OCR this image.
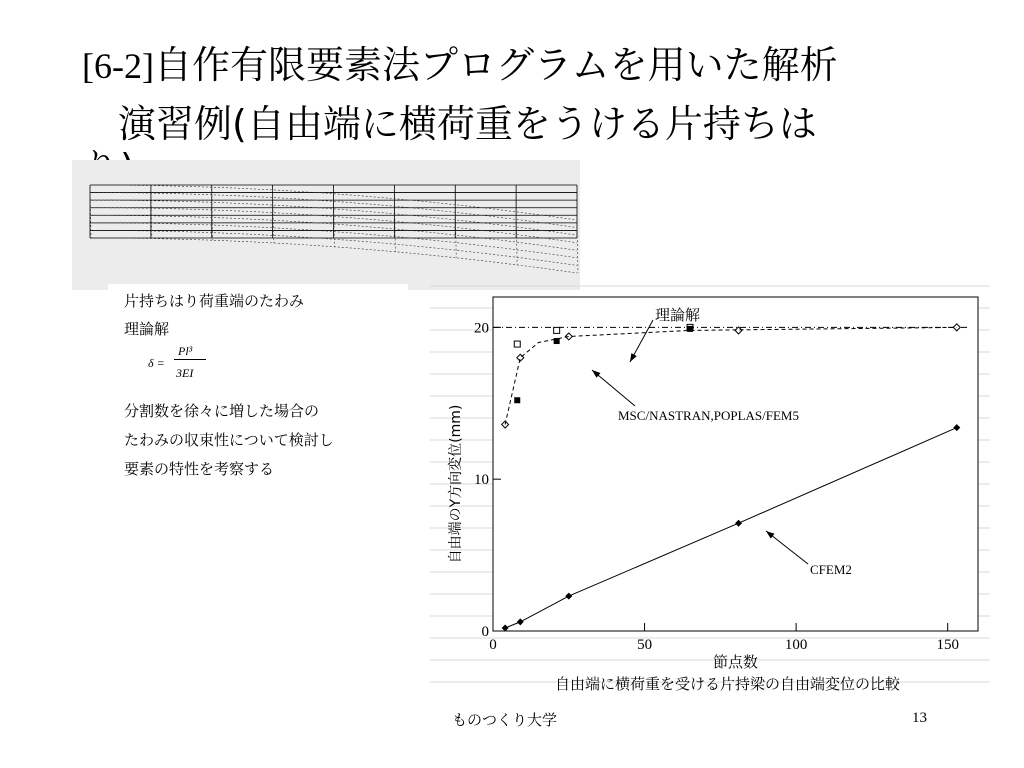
[6-2]自作有限要素法プログラムを用いた解析
演習例(自由端に横荷重をうける片持ちは
片持ちはり荷重端のたわみ
理論解
δ =
Pl³
3EI
分割数を徐々に増した場合の
たわみの収束性について検討し
要素の特性を考察する
0	50	100	150
0
10
20
節点数
自由端のY方向変位(mm)
自由端に横荷重を受ける片持梁の自由端変位の比較
理論解
MSC/NASTRAN,POPLAS/FEM5
CFEM2
ものつくり大学	13
